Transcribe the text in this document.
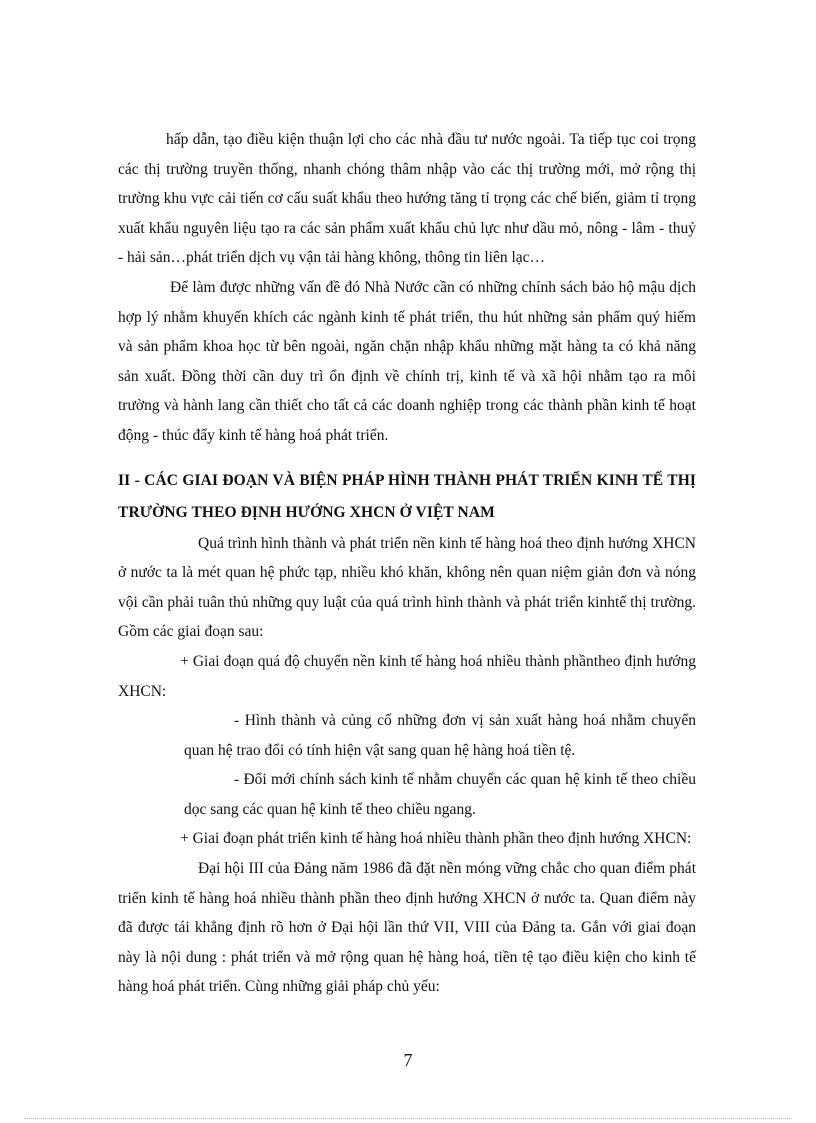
hấp dẫn, tạo điều kiện thuận lợi cho các nhà đầu tư nước ngoài. Ta tiếp tục coi trọng các thị trường truyền thống, nhanh chóng thâm nhập vào các thị trường mới, mở rộng thị trường khu vực cải tiến cơ cấu suất khẩu theo hướng tăng tỉ trọng các chế biến, giảm tỉ trọng xuất khẩu nguyên liệu tạo ra các sản phẩm xuất khẩu chủ lực như dầu mỏ, nông - lâm - thuỷ - hải sản…phát triển dịch vụ vận tải hàng không, thông tin liên lạc…

Để làm được những vấn đề đó Nhà Nước cần có những chính sách bảo hộ mậu dịch hợp lý nhằm khuyến khích các ngành kinh tế phát triển, thu hút những sản phẩm quý hiếm và sản phẩm khoa học từ bên ngoài, ngăn chặn nhập khẩu những mặt hàng ta có khả năng sản xuất. Đồng thời cần duy trì ổn định về chính trị, kinh tế và xã hội nhằm tạo ra môi trường và hành lang cần thiết cho tất cả các doanh nghiệp trong các thành phần kinh tế hoạt động - thúc đẩy kinh tế hàng hoá phát triển.

II - CÁC GIAI ĐOẠN VÀ BIỆN PHÁP HÌNH THÀNH PHÁT TRIỂN KINH TẾ THỊ TRƯỜNG THEO ĐỊNH HƯỚNG XHCN Ở VIỆT NAM

Quá trình hình thành và phát triển nền kinh tế hàng hoá theo định hướng XHCN ở nước ta là mét quan hệ phức tạp, nhiều khó khăn, không nên quan niệm giản đơn và nóng vội cần phải tuân thủ những quy luật của quá trình hình thành và phát triển kinhtế thị trường. Gồm các giai đoạn sau:

+ Giai đoạn quá độ chuyển nền kinh tế hàng hoá nhiều thành phầntheo định hướng XHCN:

- Hình thành và củng cố những đơn vị sản xuất hàng hoá nhằm chuyển quan hệ trao đổi có tính hiện vật sang quan hệ hàng hoá tiền tệ.

- Đổi mới chính sách kinh tế nhằm chuyển các quan hệ kinh tế theo chiều dọc sang các quan hệ kinh tế theo chiều ngang.

+ Giai đoạn phát triển kinh tế hàng hoá nhiều thành phần theo định hướng XHCN:

Đại hội III của Đảng năm 1986 đã đặt nền móng vững chắc cho quan điểm phát triển kinh tế hàng hoá nhiều thành phần theo định hướng XHCN ở nước ta. Quan điểm này đã được tái khẳng định rõ hơn ở Đại hội lần thứ VII, VIII của Đảng ta. Gắn với giai đoạn này là nội dung : phát triển và mở rộng quan hệ hàng hoá, tiền tệ tạo điều kiện cho kinh tế hàng hoá phát triển. Cùng những giải pháp chủ yếu:

7
